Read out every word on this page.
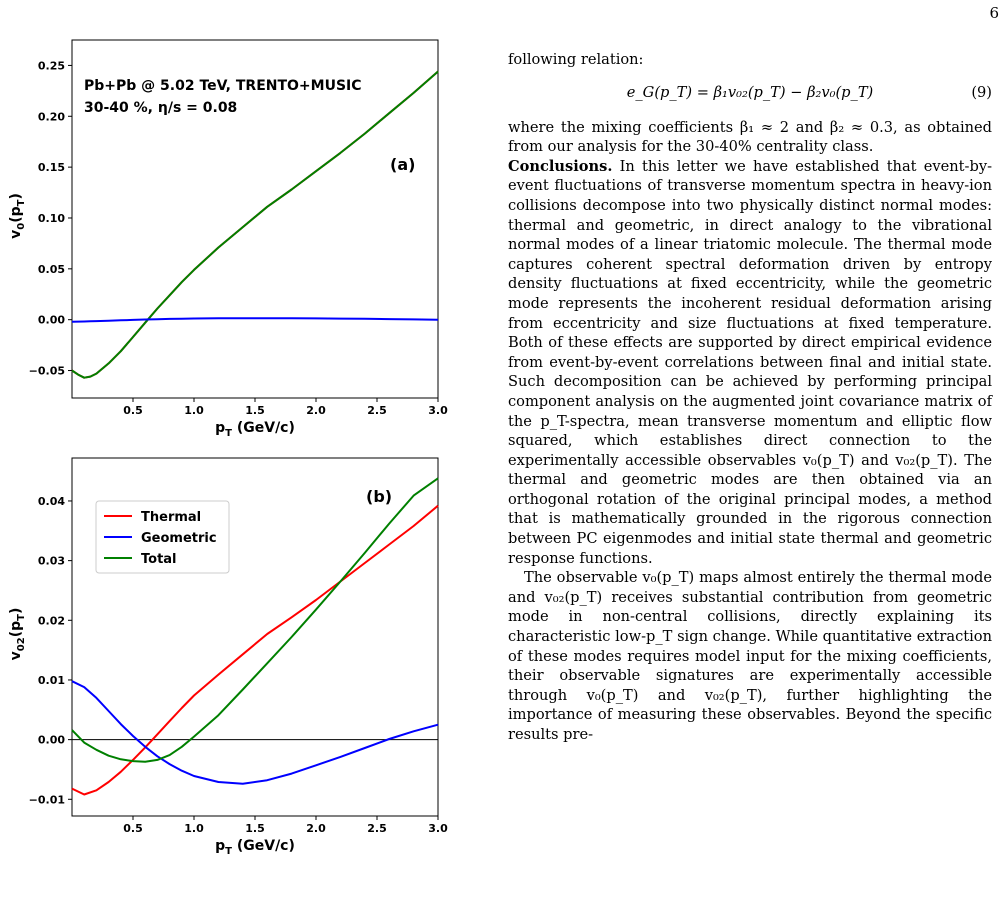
6
0.5	1.0	1.5	2.0	2.5	3.0
−0.05
0.00
0.05
0.10
0.15
0.20
0.25
Pb+Pb @ 5.02 TeV, TRENTO+MUSIC
30-40 %, η/s = 0.08
(a)
$p_T$ (GeV/c)
$v_0(p_T)$
0.5	1.0	1.5	2.0	2.5	3.0
−0.01
0.00
0.01
0.02
0.03
0.04
Thermal
Geometric
Total
(b)
$p_T$ (GeV/c)
$v_{02}(p_T)$

following relation:

e_G(p_T) = β₁v₀₂(p_T) − β₂v₀(p_T)	(9)

where the mixing coefficients β₁ ≈ 2 and β₂ ≈ 0.3, as obtained from our analysis for the 30-40% centrality class.

Conclusions. In this letter we have established that event-by-event fluctuations of transverse momentum spectra in heavy-ion collisions decompose into two physically distinct normal modes: thermal and geometric, in direct analogy to the vibrational normal modes of a linear triatomic molecule. The thermal mode captures coherent spectral deformation driven by entropy density fluctuations at fixed eccentricity, while the geometric mode represents the incoherent residual deformation arising from eccentricity and size fluctuations at fixed temperature. Both of these effects are supported by direct empirical evidence from event-by-event correlations between final and initial state. Such decomposition can be achieved by performing principal component analysis on the augmented joint covariance matrix of the p_T-spectra, mean transverse momentum and elliptic flow squared, which establishes direct connection to the experimentally accessible observables v₀(p_T) and v₀₂(p_T). The thermal and geometric modes are then obtained via an orthogonal rotation of the original principal modes, a method that is mathematically grounded in the rigorous connection between PC eigenmodes and initial state thermal and geometric response functions.

The observable v₀(p_T) maps almost entirely the thermal mode and v₀₂(p_T) receives substantial contribution from geometric mode in non-central collisions, directly explaining its characteristic low-p_T sign change. While quantitative extraction of these modes requires model input for the mixing coefficients, their observable signatures are experimentally accessible through v₀(p_T) and v₀₂(p_T), further highlighting the importance of measuring these observables. Beyond the specific results pre-
